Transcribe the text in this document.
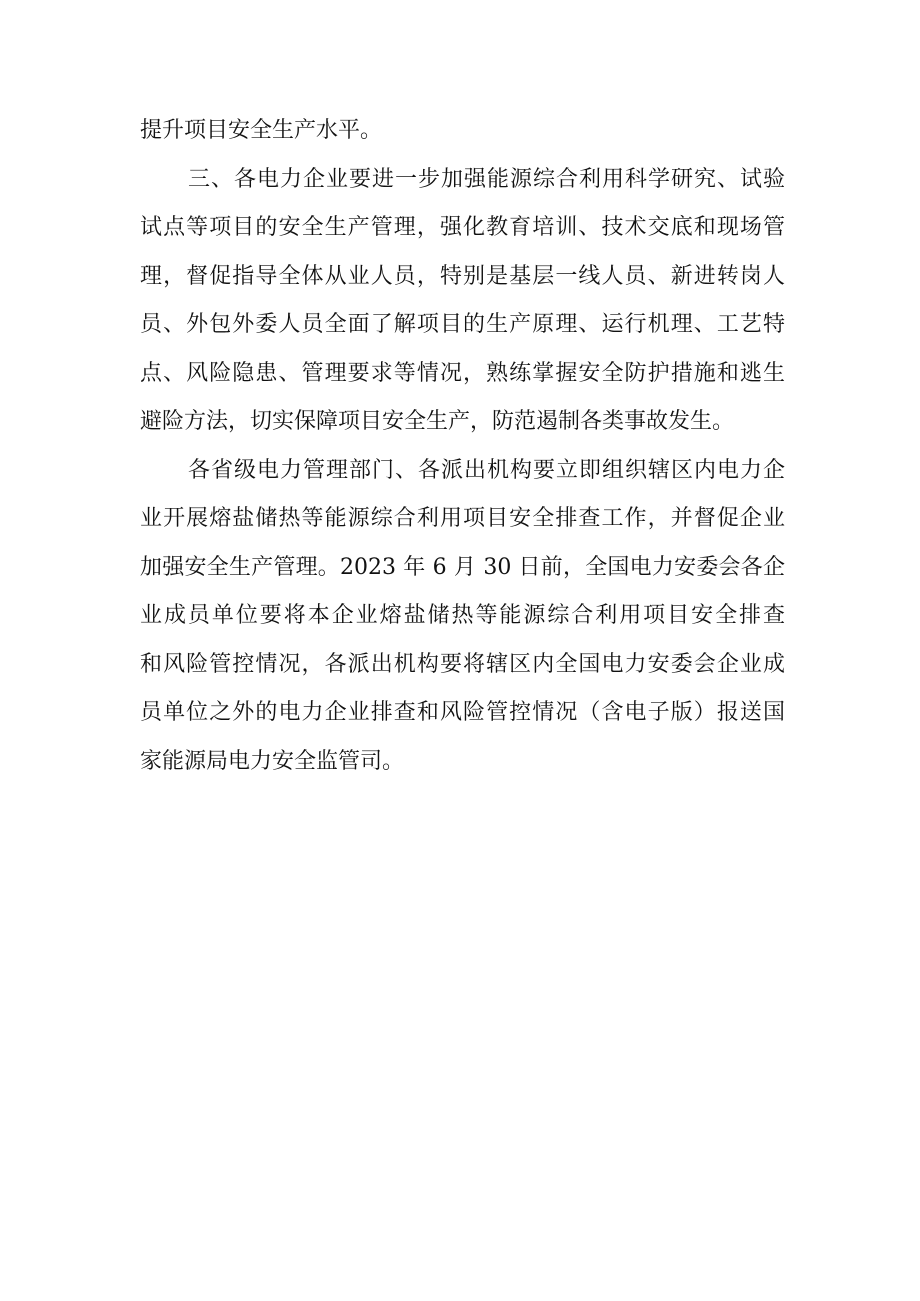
提升项目安全生产水平。
三、各电力企业要进一步加强能源综合利用科学研究、试验
试点等项目的安全生产管理，强化教育培训、技术交底和现场管
理，督促指导全体从业人员，特别是基层一线人员、新进转岗人
员、外包外委人员全面了解项目的生产原理、运行机理、工艺特
点、风险隐患、管理要求等情况，熟练掌握安全防护措施和逃生
避险方法，切实保障项目安全生产，防范遏制各类事故发生。
各省级电力管理部门、各派出机构要立即组织辖区内电力企
业开展熔盐储热等能源综合利用项目安全排查工作，并督促企业
加强安全生产管理。2023 年 6 月 30 日前，全国电力安委会各企
业成员单位要将本企业熔盐储热等能源综合利用项目安全排查
和风险管控情况，各派出机构要将辖区内全国电力安委会企业成
员单位之外的电力企业排查和风险管控情况（含电子版）报送国
家能源局电力安全监管司。
